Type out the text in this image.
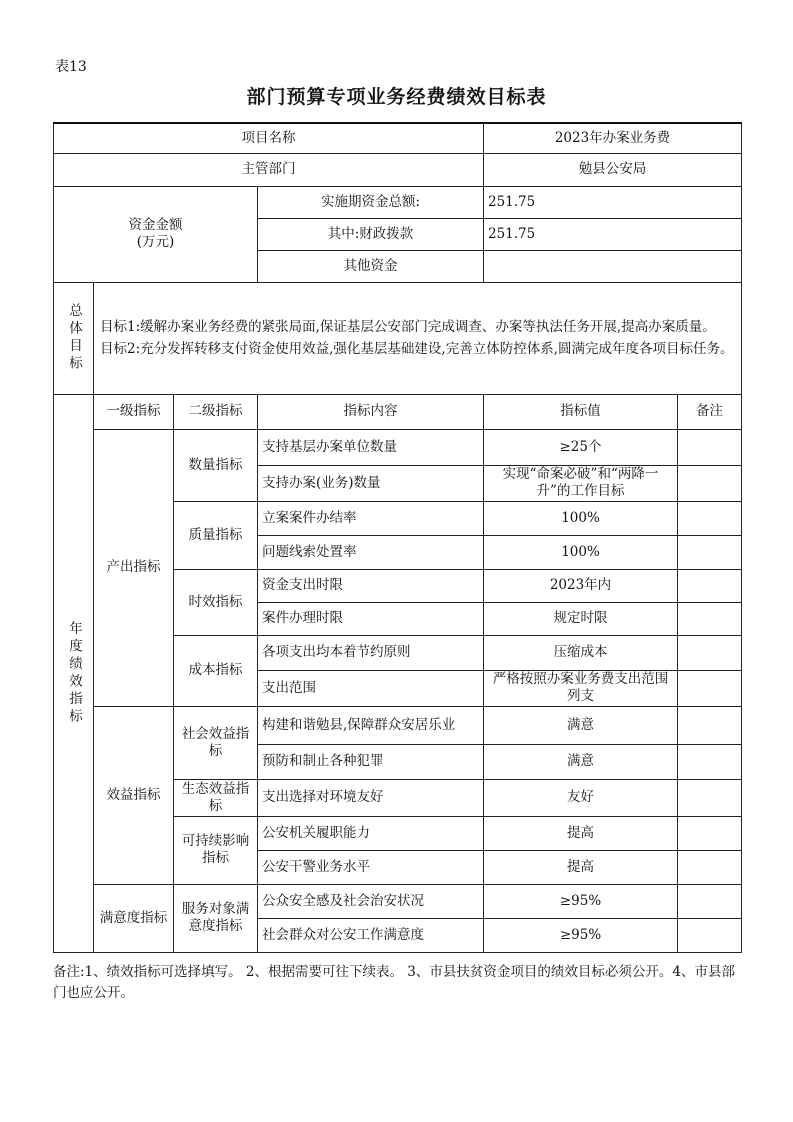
表13
部门预算专项业务经费绩效目标表
项目名称				2023年办案业务费	
主管部门				勉县公安局	

资金金额
(万元)			实施期资金总额:	251.75	
			其中:财政拨款	251.75	
			其他资金		

总体目标	目标1:缓解办案业务经费的紧张局面,保证基层公安部门完成调查、办案等执法任务开展,提高办案质量。
目标2:充分发挥转移支付资金使用效益,强化基层基础建设,完善立体防控体系,圆满完成年度各项目标任务。				

年度绩效指标	一级指标	二级指标	指标内容	指标值	备注
	产出指标	数量指标	支持基层办案单位数量	≥25个	
			支持办案(业务)数量	实现“命案必破”和“两降一升”的工作目标	
		质量指标	立案案件办结率	100%	
			问题线索处置率	100%	
		时效指标	资金支出时限	2023年内	
			案件办理时限	规定时限	
		成本指标	各项支出均本着节约原则	压缩成本	
			支出范围	严格按照办案业务费支出范围列支	
	效益指标	社会效益指标	构建和谐勉县,保障群众安居乐业	满意	
			预防和制止各种犯罪	满意	
		生态效益指标	支出选择对环境友好	友好	
		可持续影响指标	公安机关履职能力	提高	
			公安干警业务水平	提高	
	满意度指标	服务对象满意度指标	公众安全感及社会治安状况	≥95%	
			社会群众对公安工作满意度	≥95%	
备注:1、绩效指标可选择填写。 2、根据需要可往下续表。 3、市县扶贫资金项目的绩效目标必须公开。4、市县部门也应公开。
